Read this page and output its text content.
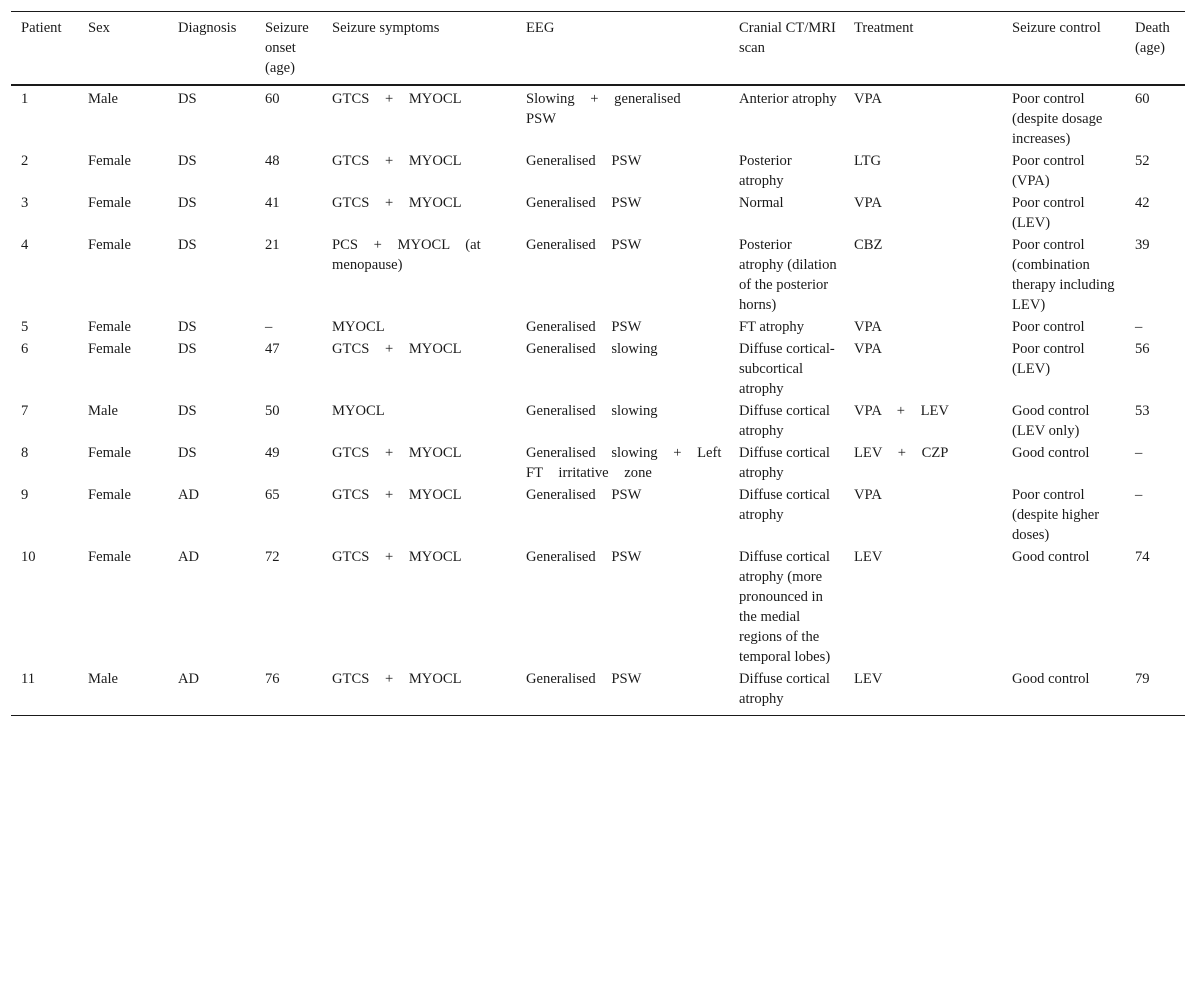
Patient	Sex	Diagnosis	Seizure onset (age)	Seizure symptoms	EEG	Cranial CT/MRI scan	Treatment	Seizure control	Death (age)
1	Male	DS	60	GTCS + MYOCL	Slowing + generalised PSW	Anterior atrophy	VPA	Poor control (despite dosage increases)	60
2	Female	DS	48	GTCS + MYOCL	Generalised PSW	Posterior atrophy	LTG	Poor control (VPA)	52
3	Female	DS	41	GTCS + MYOCL	Generalised PSW	Normal	VPA	Poor control (LEV)	42
4	Female	DS	21	PCS + MYOCL (at menopause)	Generalised PSW	Posterior atrophy (dilation of the posterior horns)	CBZ	Poor control (combination therapy including LEV)	39
5	Female	DS	–	MYOCL	Generalised PSW	FT atrophy	VPA	Poor control	–
6	Female	DS	47	GTCS + MYOCL	Generalised slowing	Diffuse cortical-subcortical atrophy	VPA	Poor control (LEV)	56
7	Male	DS	50	MYOCL	Generalised slowing	Diffuse cortical atrophy	VPA + LEV	Good control (LEV only)	53
8	Female	DS	49	GTCS + MYOCL	Generalised slowing + Left FT irritative zone	Diffuse cortical atrophy	LEV + CZP	Good control	–
9	Female	AD	65	GTCS + MYOCL	Generalised PSW	Diffuse cortical atrophy	VPA	Poor control (despite higher doses)	–
10	Female	AD	72	GTCS + MYOCL	Generalised PSW	Diffuse cortical atrophy (more pronounced in the medial regions of the temporal lobes)	LEV	Good control	74
11	Male	AD	76	GTCS + MYOCL	Generalised PSW	Diffuse cortical atrophy	LEV	Good control	79
